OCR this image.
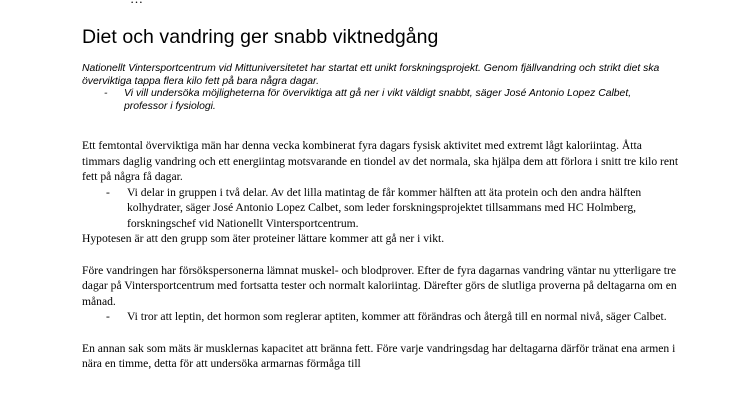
Diet och vandring ger snabb viktnedgång

Nationellt Vintersportcentrum vid Mittuniversitetet har startat ett unikt forskningsprojekt. Genom fjällvandring och strikt diet ska överviktiga tappa flera kilo fett på bara några dagar.

- Vi vill undersöka möjligheterna för överviktiga att gå ner i vikt väldigt snabbt, säger José Antonio Lopez Calbet, professor i fysiologi.

Ett femtontal överviktiga män har denna vecka kombinerat fyra dagars fysisk aktivitet med extremt lågt kaloriintag. Åtta timmars daglig vandring och ett energiintag motsvarande en tiondel av det normala, ska hjälpa dem att förlora i snitt tre kilo rent fett på några få dagar.

- Vi delar in gruppen i två delar. Av det lilla matintag de får kommer hälften att äta protein och den andra hälften kolhydrater, säger José Antonio Lopez Calbet, som leder forskningsprojektet tillsammans med HC Holmberg, forskningschef vid Nationellt Vintersportcentrum.

Hypotesen är att den grupp som äter proteiner lättare kommer att gå ner i vikt.

Före vandringen har försökspersonerna lämnat muskel- och blodprover. Efter de fyra dagarnas vandring väntar nu ytterligare tre dagar på Vintersportcentrum med fortsatta tester och normalt kaloriintag. Därefter görs de slutliga proverna på deltagarna om en månad.

- Vi tror att leptin, det hormon som reglerar aptiten, kommer att förändras och återgå till en normal nivå, säger Calbet.

En annan sak som mäts är musklernas kapacitet att bränna fett. Före varje vandringsdag har deltagarna därför tränat ena armen i nära en timme, detta för att undersöka armarnas förmåga till
